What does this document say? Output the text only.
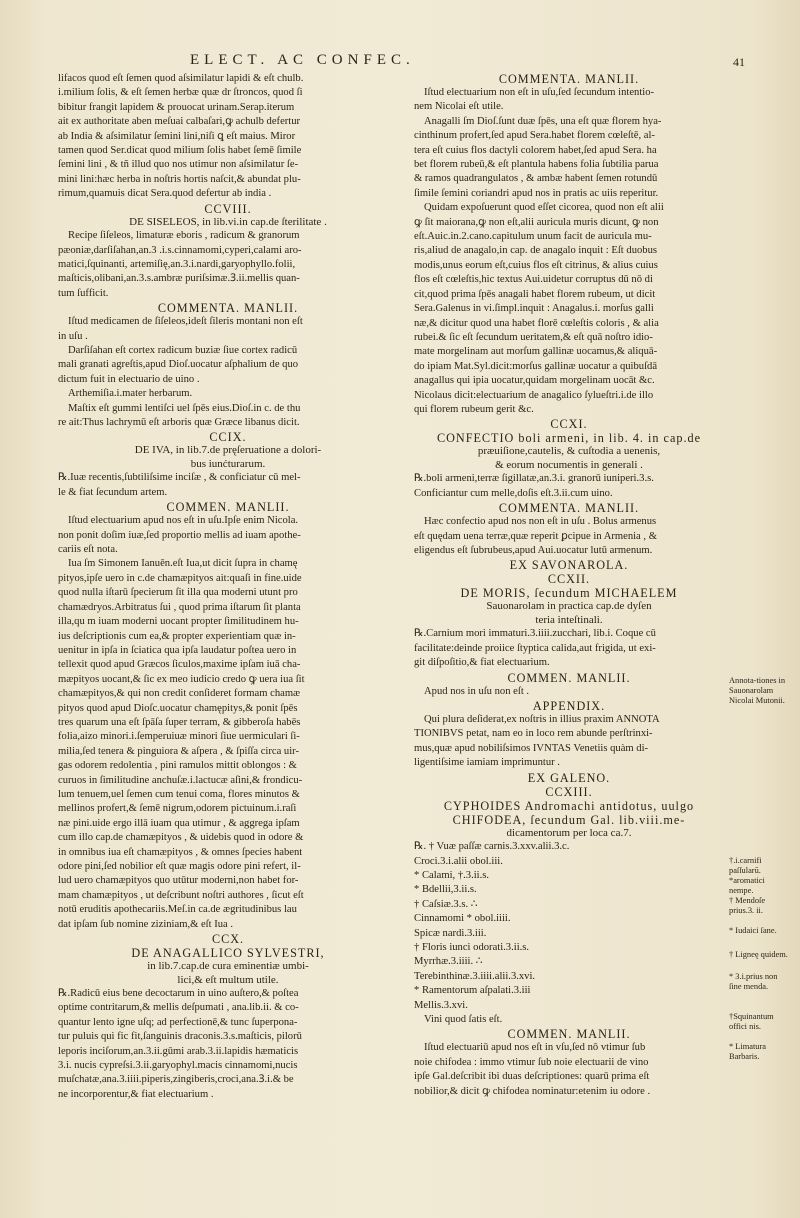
ELECT. AC CONFEC.	41

lifacos quod eſt ſemen quod aſsimilatur lapidi & eſt chulb.

i.milium ſolis, & eſt ſemen herbæ quæ dr ſtroncos, quod ſi

bibitur frangit lapidem & prouocat urinam.Serap.iterum

ait ex authoritate aben meſuai calbaſari,ꝙ achulb defertur

ab India & aſsimilatur ſemini lini,niſi ꝗ eſt maius. Miror

tamen quod Ser.dicat quod milium ſolis habet ſemē ſimile

ſemini lini , & tñ illud quo nos utimur non aſsimilatur ſe-

mini lini:hæc herba in noſtris hortis naſcit,& abundat plu-

rimum,quamuis dicat Sera.quod defertur ab india .

CCVIII.

DE SISELEOS, in lib.vi.in cap.de ſterilitate .

Recipe ſiſeleos, limaturæ eboris , radicum & granorum

pæoniæ,darſiſahan,an.3 .i.s.cinnamomi,cyperi,calami aro-

matici,ſquinanti, artemiſię,an.3.i.nardi,garyophyllo.folii,

maſticis,olibani,an.3.s.ambræ puriſsimæ.Ꝫ.ii.mellis quan-

tum ſufficit.

COMMENTA. MANLII.

Iſtud medicamen de ſiſeleos,ideſt ſileris montani non eſt

in uſu .

Darſiſahan eſt cortex radicum buziæ ſiue cortex radicū

mali granati agreſtis,apud Dioſ.uocatur aſphalium de quo

dictum fuit in electuario de uino .

Arthemiſia.i.mater herbarum.

Maſtix eſt gummi lentiſci uel ſpēs eius.Dioſ.in c. de thu

re ait:Thus lachrymū eſt arboris quæ Græce libanus dicit.

CCIX.

DE IVA, in lib.7.de pręſeruatione a dolori-

bus iunćturarum.

℞.Iuæ recentis,ſubtiliſsime inciſæ , & conficiatur cū mel-

le & fiat ſecundum artem.

COMMEN. MANLII.

Iſtud electuarium apud nos eſt in uſu.Ipſe enim Nicola.

non ponit doſim iuæ,ſed proportio mellis ad iuam apothe-

cariis eſt nota.

Iua ſm Simonem Ianuēn.eſt Iua,ut dicit ſupra in chamę

pityos,ipſe uero in c.de chamæpityos ait:quaſi in fine.uide

quod nulla iſtarū ſpecierum ſit illa qua moderni utunt pro

chamædryos.Arbitratus ſui , quod prima iſtarum ſit planta

illa,qu m iuam moderni uocant propter ſimilitudinem hu-

ius deſcriptionis cum ea,& propter experientiam quæ in-

uenitur in ipſa in ſciatica qua ipſa laudatur poſtea uero in

tellexit quod apud Græcos ſiculos,maxime ipſam iuā cha-

mæpityos uocant,& ſic ex meo iudicio credo ꝙ uera iua ſit

chamæpityos,& qui non credit conſideret formam chamæ

pityos quod apud Dioſc.uocatur chamępitys,& ponit ſpēs

tres quarum una eſt ſpāſa ſuper terram, & gibberoſa habēs

folia,aizo minori.i.ſemperuiuæ minori ſiue uermiculari ſi-

milia,ſed tenera & pinguiora & aſpera , & ſpiſſa circa uir-

gas odorem redolentia , pini ramulos mittit oblongos : &

curuos in ſimilitudine anchuſæ.i.lactucæ aſini,& frondicu-

lum tenuem,uel ſemen cum tenui coma, flores minutos &

mellinos profert,& ſemē nigrum,odorem pictuinum.i.raſi

næ pini.uide ergo illā iuam qua utimur , & aggrega ipſam

cum illo cap.de chamæpityos , & uidebis quod in odore &

in omnibus iua eſt chamæpityos , & omnes ſpecies habent

odore pini,ſed nobilior eſt quæ magis odore pini refert, il-

lud uero chamæpityos quo utūtur moderni,non habet for-

mam chamæpityos , ut deſcribunt noſtri authores , ſicut eſt

notū eruditis apothecariis.Meſ.in ca.de ægritudinibus lau

dat ipſam ſub nomine ziziniam,& eſt Iua .

CCX.

DE ANAGALLICO SYLVESTRI,

in lib.7.cap.de cura eminentiæ umbi-

lici,& eſt multum utile.

℞.Radicū eius bene decoctarum in uino auſtero,& poſtea

optime contritarum,& mellis deſpumati , ana.lib.ii. & co-

quantur lento igne uſq; ad perfectionē,& tunc ſuperpona-

tur puluis qui fic fit,ſanguinis draconis.3.s.maſticis, pilorū

leporis inciſorum,an.3.ii.gūmi arab.3.ii.lapidis hæmaticis

3.i. nucis cypreſsi.3.ii.garyophyl.macis cinnamomi,nucis

muſchatæ,ana.3.iiii.piperis,zingiberis,croci,ana.Ꝫ.i.& be

ne incorporentur,& fiat electuarium .

COMMENTA. MANLII.

Iſtud electuarium non eſt in uſu,ſed ſecundum intentio-

nem Nicolai eſt utile.

Anagalli ſm Dioſ.ſunt duæ ſpēs, una eſt quæ florem hya-

cinthinum profert,ſed apud Sera.habet florem cœleſtē, al-

tera eſt cuius flos dactyli colorem habet,ſed apud Sera. ha

bet florem rubeū,& eſt plantula habens folia ſubtilia parua

& ramos quadrangulatos , & ambæ habent ſemen rotundū

ſimile ſemini coriandri apud nos in pratis ac uiis reperitur.

Quidam expoſuerunt quod eſſet cicorea, quod non eſt alii

ꝙ ſit maiorana,ꝙ non eſt,alii auricula muris dicunt, ꝙ non

eſt.Auic.in.2.cano.capitulum unum facit de auricula mu-

ris,aliud de anagalo,in cap. de anagalo inquit : Eſt duobus

modis,unus eorum eſt,cuius flos eſt citrinus, & alius cuius

flos eſt cœleſtis,hic textus Aui.uidetur corruptus dū nō di

cit,quod prima ſpēs anagali habet florem rubeum, ut dicit

Sera.Galenus in vi.ſimpl.inquit : Anagalus.i. morſus galli

næ,& dicitur quod una habet florē cœleſtis coloris , & alia

rubei.& ſic eſt ſecundum ueritatem,& eſt quā noſtro idio-

mate morgelinam aut morſum gallinæ uocamus,& aliquā-

do ipiam Mat.Syl.dicit:morſus gallinæ uocatur a quibuſdā

anagallus qui ipia uocatur,quidam morgelinam uocāt &c.

Nicolaus dicit:electuarium de anagalico ſylueſtri.i.de illo

qui florem rubeum gerit &c.

CCXI.

CONFECTIO boli armeni, in lib. 4. in cap.de

præuiſione,cautelis, & cuſtodia a uenenis,

& eorum nocumentis in generali .

℞.boli armeni,terræ ſigillatæ,an.3.i. granorū iuniperi.3.s.

Conficiantur cum melle,doſis eſt.3.ii.cum uino.

COMMENTA. MANLII.

Hæc confectio apud nos non eſt in uſu . Bolus armenus

eſt quędam uena terræ,quæ reperit ꝑcipue in Armenia , &

eligendus eſt ſubrubeus,apud Aui.uocatur lutū armenum.

EX SAVONAROLA.

CCXII.

DE MORIS, ſecundum MICHAELEM

Sauonarolam in practica cap.de dyſen

teria inteſtinali.

℞.Carnium mori immaturi.3.iiii.zucchari, lib.i. Coque cū

facilitate:deinde proiice ſtyptica calida,aut frigida, ut exi-

git diſpoſitio,& fiat electuarium.

COMMEN. MANLII.

Apud nos in uſu non eſt .

APPENDIX.

Qui plura deſiderat,ex noſtris in illius praxim ANNOTA

TIONIBVS petat, nam eo in loco rem abunde perſtrinxi-

mus,quæ apud nobiliſsimos IVNTAS Venetiis quàm di-

ligentiſsime iamiam imprimuntur .

EX GALENO.

CCXIII.

CYPHOIDES Andromachi antidotus, uulgo

CHIFODEA, ſecundum Gal. lib.viii.me-

dicamentorum per loca ca.7.

℞. † Vuæ paſſæ carnis.3.xxv.alii.3.c.

Croci.3.i.alii obol.iii.

* Calami, †.3.ii.s.

* Bdellii,3.ii.s.

† Caſsiæ.3.s. ∴

Cinnamomi * obol.iiii.

Spicæ nardi.3.iii.

† Floris iunci odorati.3.ii.s.

Myrrhæ.3.iiii. ∴

Terebinthinæ.3.iiii.alii.3.xvi.

* Ramentorum aſpalati.3.iii

Mellis.3.xvi.

Vini quod ſatis eſt.

COMMEN. MANLII.

Iſtud electuariū apud nos eſt in vſu,ſed nō vtimur ſub

noie chifodea : immo vtimur ſub noie electuarii de vino

ipſe Gal.deſcribit ibi duas deſcriptiones: quarū prima eſt

nobilior,& dicit ꝙ chifodea nominatur:etenim iu odore .

Annota-tiones in Sauonarolam Nicolai Mutonii.
†.i.carnifi paſſularū.
*aromatici nempe.
† Mendoſe prius.3. ii.
* Iudaici ſane.
† Ligneę quidem.
* 3.i.prius non ſine menda.
†Squinantum offici nis.
* Limatura Barbaris.
